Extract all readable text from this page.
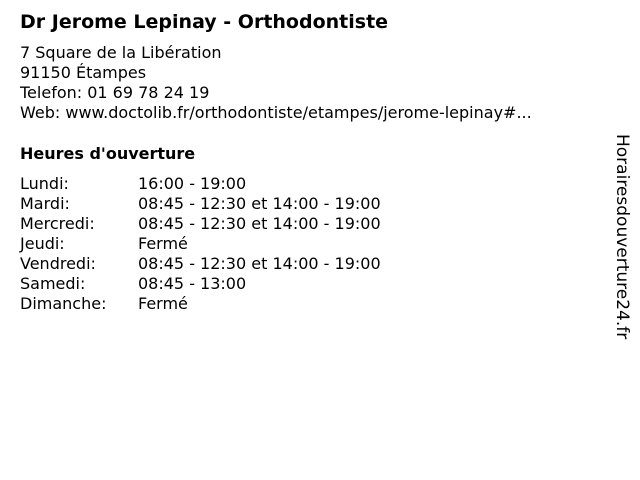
Dr Jerome Lepinay - Orthodontiste
7 Square de la Libération
91150 Étampes
Telefon: 01 69 78 24 19
Web: www.doctolib.fr/orthodontiste/etampes/jerome-lepinay#...
Heures d'ouverture
Lundi:	16:00 - 19:00
Mardi:	08:45 - 12:30 et 14:00 - 19:00
Mercredi:	08:45 - 12:30 et 14:00 - 19:00
Jeudi:	Fermé
Vendredi:	08:45 - 12:30 et 14:00 - 19:00
Samedi:	08:45 - 13:00
Dimanche:	Fermé	Horairesdouverture24.fr
